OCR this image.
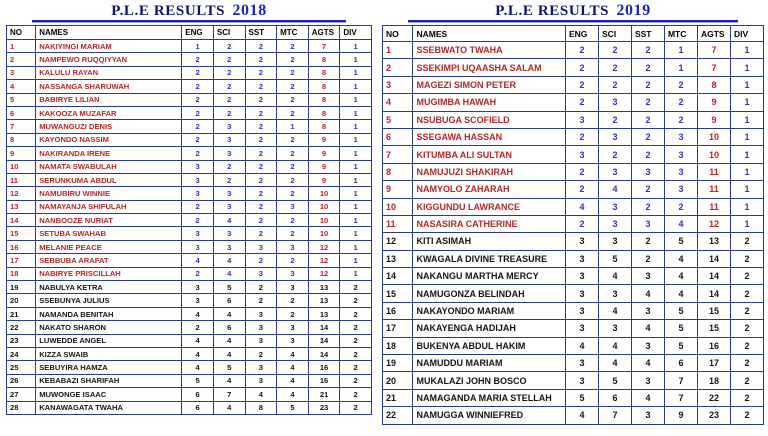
P.L.E RESULTS 2018
NO	NAMES	ENG	SCI	SST	MTC	AGTS	DIV
1	NAKIYINGI MARIAM	1	2	2	2	7	1
2	NAMPEWO RUQQIYYAN	2	2	2	2	8	1
3	KALULU RAYAN	2	2	2	2	8	1
4	NASSANGA SHARUWAH	2	2	2	2	8	1
5	BABIRYE LILIAN	2	2	2	2	8	1
6	KAKOOZA MUZAFAR	2	2	2	2	8	1
7	MUWANGUZI DENIS	2	3	2	1	8	1
8	KAYONDO NASSIM	2	3	2	2	9	1
9	NAKIRANDA IRENE	2	3	2	2	9	1
10	NAMATA SWABULAH	3	2	2	2	9	1
11	SERUNKUMA ABDUL	3	2	2	2	9	1
12	NAMUBIRU WINNIE	3	3	2	2	10	1
13	NAMAYANJA SHIFULAH	2	3	2	3	10	1
14	NANBOOZE NURIAT	2	4	2	2	10	1
15	SETUBA SWAHAB	3	3	2	2	10	1
16	MELANIE PEACE	3	3	3	3	12	1
17	SEBBUBA ARAFAT	4	4	2	2	12	1
18	NABIRYE PRISCILLAH	2	4	3	3	12	1
19	NABULYA KETRA	3	5	2	3	13	2
20	SSEBUNYA JULIUS	3	6	2	2	13	2
21	NAMANDA BENITAH	4	4	3	2	13	2
22	NAKATO SHARON	2	6	3	3	14	2
23	LUWEDDE ANGEL	4	4	3	3	14	2
24	KIZZA SWAIB	4	4	2	4	14	2
25	SEBUYIRA HAMZA	4	5	3	4	16	2
26	KEBABAZI SHARIFAH	5	4	3	4	16	2
27	MUWONGE ISAAC	6	7	4	4	21	2
28	KANAWAGATA TWAHA	6	4	8	5	23	2
P.L.E RESULTS 2019
NO	NAMES	ENG	SCI	SST	MTC	AGTS	DIV
1	SSEBWATO TWAHA	2	2	2	1	7	1
2	SSEKIMPI UQAASHA SALAM	2	2	2	1	7	1
3	MAGEZI SIMON PETER	2	2	2	2	8	1
4	MUGIMBA HAWAH	2	3	2	2	9	1
5	NSUBUGA SCOFIELD	3	2	2	2	9	1
6	SSEGAWA HASSAN	2	3	2	3	10	1
7	KITUMBA ALI SULTAN	3	2	2	3	10	1
8	NAMUJUZI SHAKIRAH	2	3	3	3	11	1
9	NAMYOLO ZAHARAH	2	4	2	3	11	1
10	KIGGUNDU LAWRANCE	4	3	2	2	11	1
11	NASASIRA CATHERINE	2	3	3	4	12	1
12	KITI ASIMAH	3	3	2	5	13	2
13	KWAGALA DIVINE TREASURE	3	5	2	4	14	2
14	NAKANGU MARTHA MERCY	3	4	3	4	14	2
15	NAMUGONZA BELINDAH	3	3	4	4	14	2
16	NAKAYONDO MARIAM	3	4	3	5	15	2
17	NAKAYENGA HADIJAH	3	3	4	5	15	2
18	BUKENYA ABDUL HAKIM	4	4	3	5	16	2
19	NAMUDDU MARIAM	3	4	4	6	17	2
20	MUKALAZI JOHN BOSCO	3	5	3	7	18	2
21	NAMAGANDA MARIA STELLAH	5	6	4	7	22	2
22	NAMUGGA WINNIEFRED	4	7	3	9	23	2
